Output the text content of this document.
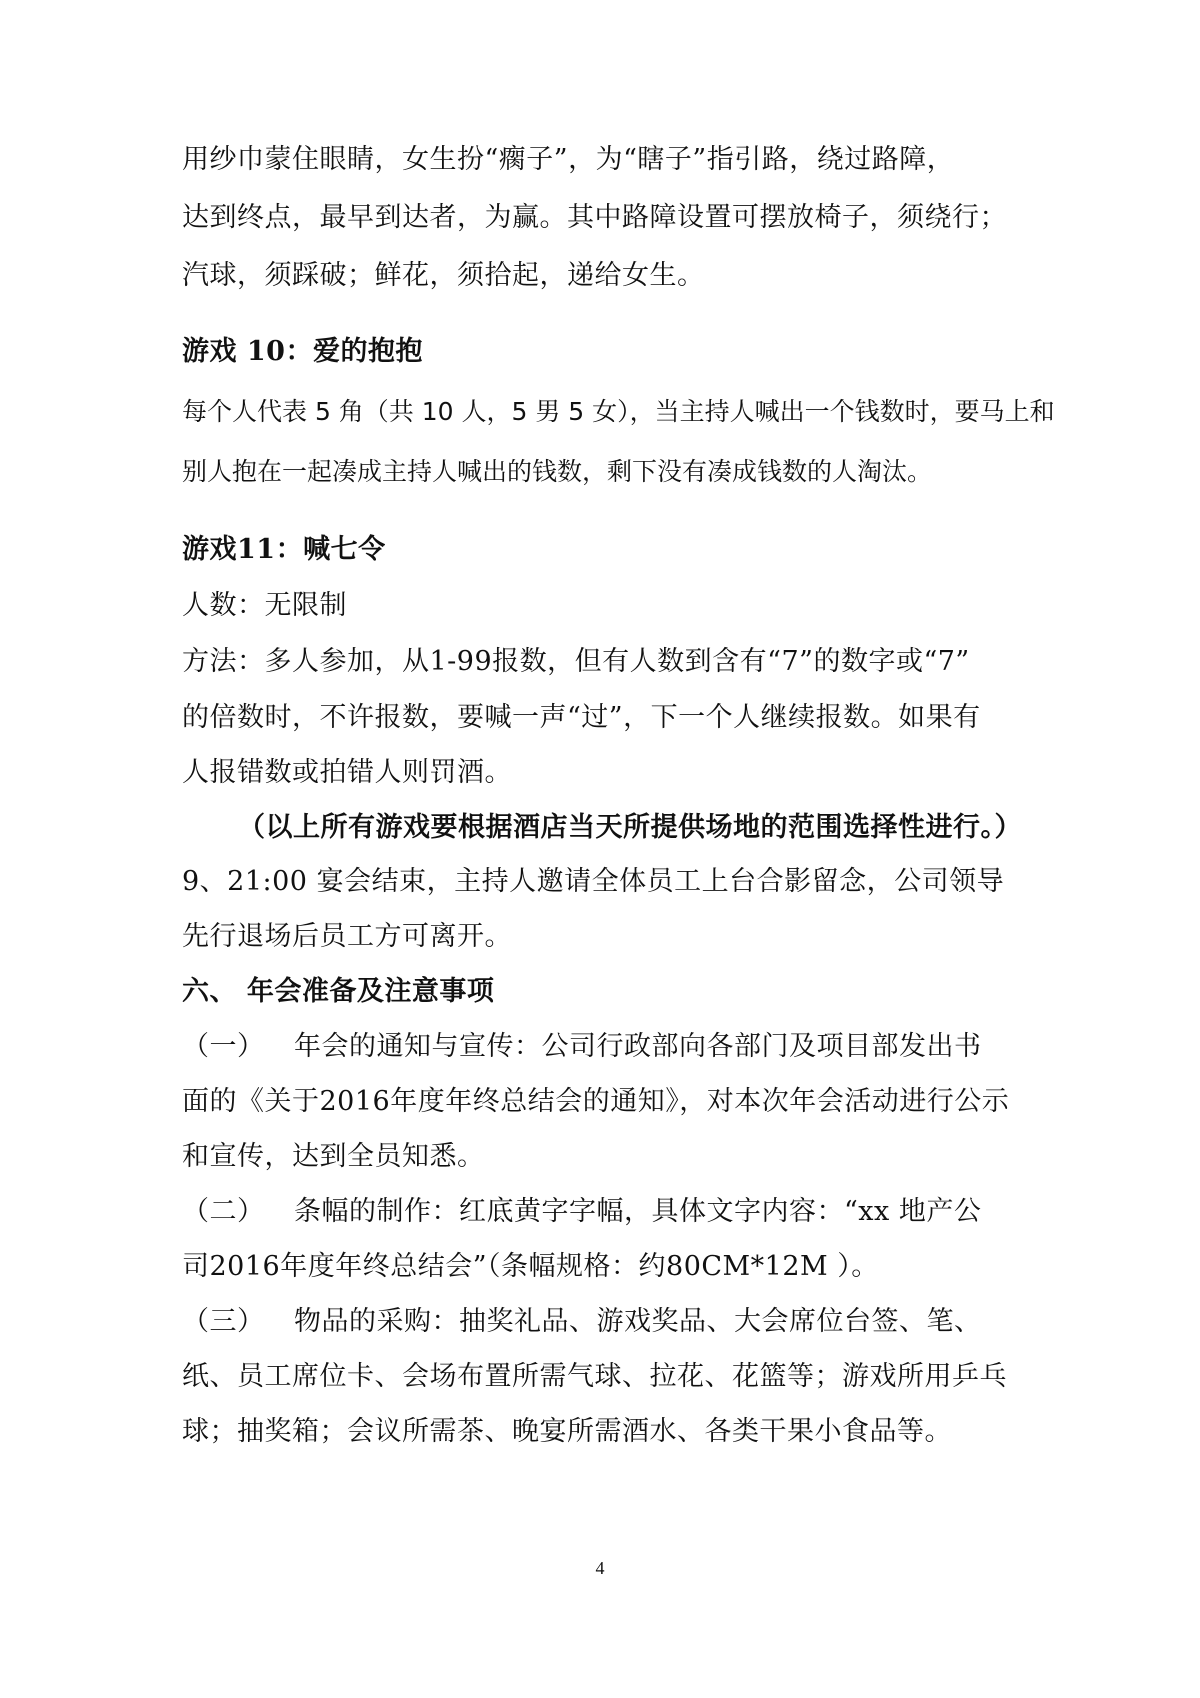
用纱巾蒙住眼睛，女生扮“瘸子”，为“瞎子”指引路，绕过路障，
达到终点，最早到达者，为赢。其中路障设置可摆放椅子，须绕行；
汽球，须踩破；鲜花，须拾起，递给女生。
游戏 10：爱的抱抱
每个人代表 5 角（共 10 人，5 男 5 女），当主持人喊出一个钱数时，要马上和
别人抱在一起凑成主持人喊出的钱数，剩下没有凑成钱数的人淘汰。
游戏11：喊七令
人数：无限制
方法：多人参加，从1-99报数，但有人数到含有“7”的数字或“7”
的倍数时，不许报数，要喊一声“过”，下一个人继续报数。如果有
人报错数或拍错人则罚酒。
（以上所有游戏要根据酒店当天所提供场地的范围选择性进行。）
9、21:00 宴会结束，主持人邀请全体员工上台合影留念，公司领导
先行退场后员工方可离开。
六、 年会准备及注意事项
（一） 年会的通知与宣传：公司行政部向各部门及项目部发出书
面的《关于2016年度年终总结会的通知》，对本次年会活动进行公示
和宣传，达到全员知悉。
（二） 条幅的制作：红底黄字字幅，具体文字内容：“xx 地产公
司2016年度年终总结会”（条幅规格：约80CM*12M ）。
（三） 物品的采购：抽奖礼品、游戏奖品、大会席位台签、笔、
纸、员工席位卡、会场布置所需气球、拉花、花篮等；游戏所用乒乓
球；抽奖箱；会议所需茶、晚宴所需酒水、各类干果小食品等。
4
